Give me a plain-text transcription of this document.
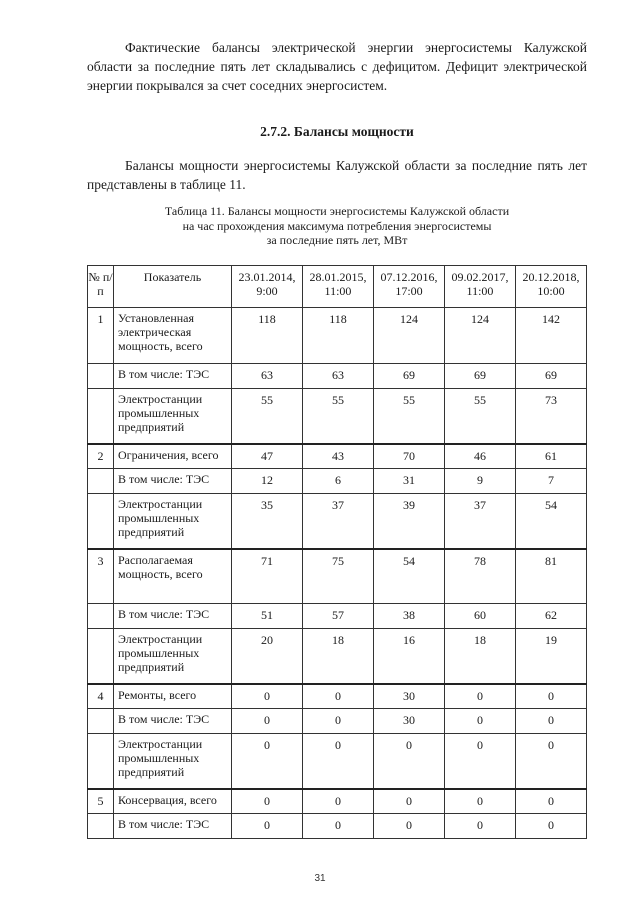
Фактические балансы электрической энергии энергосистемы Калужской области за последние пять лет складывались с дефицитом. Дефицит электрической энергии покрывался за счет соседних энергосистем.

2.7.2. Балансы мощности

Балансы мощности энергосистемы Калужской области за последние пять лет представлены в таблице 11.

Таблица 11. Балансы мощности энергосистемы Калужской области
на час прохождения максимума потребления энергосистемы
за последние пять лет, МВт
№ п/п	Показатель	23.01.2014, 9:00	28.01.2015, 11:00	07.12.2016, 17:00	09.02.2017, 11:00	20.12.2018, 10:00
1	Установленная электрическая мощность, всего	118	118	124	124	142
	В том числе: ТЭС	63	63	69	69	69
	Электростанции промышленных предприятий	55	55	55	55	73
2	Ограничения, всего	47	43	70	46	61
	В том числе: ТЭС	12	6	31	9	7
	Электростанции промышленных предприятий	35	37	39	37	54
3	Располагаемая мощность, всего	71	75	54	78	81
	В том числе: ТЭС	51	57	38	60	62
	Электростанции промышленных предприятий	20	18	16	18	19
4	Ремонты, всего	0	0	30	0	0
	В том числе: ТЭС	0	0	30	0	0
	Электростанции промышленных предприятий	0	0	0	0	0
5	Консервация, всего	0	0	0	0	0
	В том числе: ТЭС	0	0	0	0	0
31
